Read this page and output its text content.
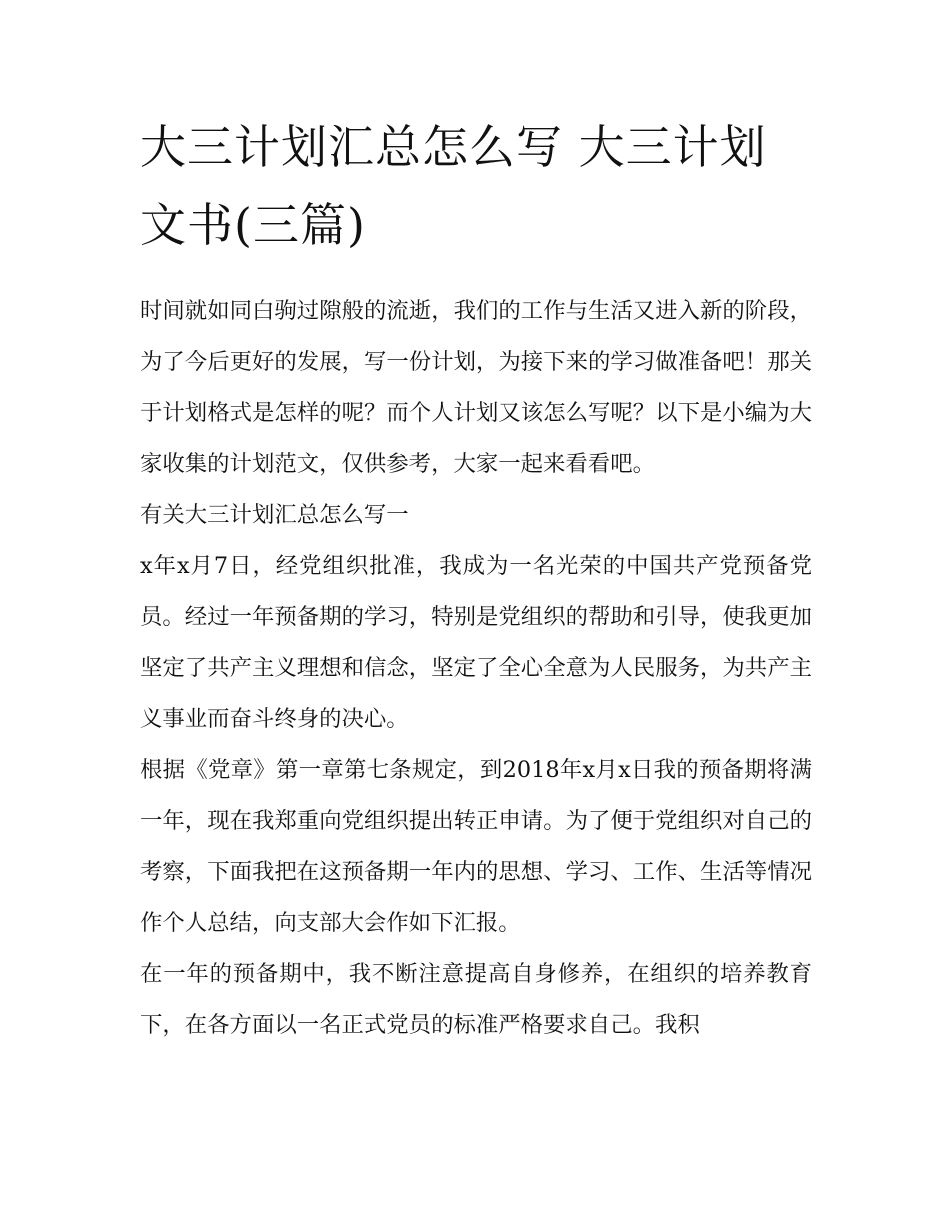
大三计划汇总怎么写 大三计划文书(三篇)

时间就如同白驹过隙般的流逝，我们的工作与生活又进入新的阶段，为了今后更好的发展，写一份计划，为接下来的学习做准备吧！那关于计划格式是怎样的呢？而个人计划又该怎么写呢？以下是小编为大家收集的计划范文，仅供参考，大家一起来看看吧。

有关大三计划汇总怎么写一

x年x月7日，经党组织批准，我成为一名光荣的中国共产党预备党员。经过一年预备期的学习，特别是党组织的帮助和引导，使我更加坚定了共产主义理想和信念，坚定了全心全意为人民服务，为共产主义事业而奋斗终身的决心。

根据《党章》第一章第七条规定，到2018年x月x日我的预备期将满一年，现在我郑重向党组织提出转正申请。为了便于党组织对自己的考察，下面我把在这预备期一年内的思想、学习、工作、生活等情况作个人总结，向支部大会作如下汇报。

在一年的预备期中，我不断注意提高自身修养，在组织的培养教育下，在各方面以一名正式党员的标准严格要求自己。我积
